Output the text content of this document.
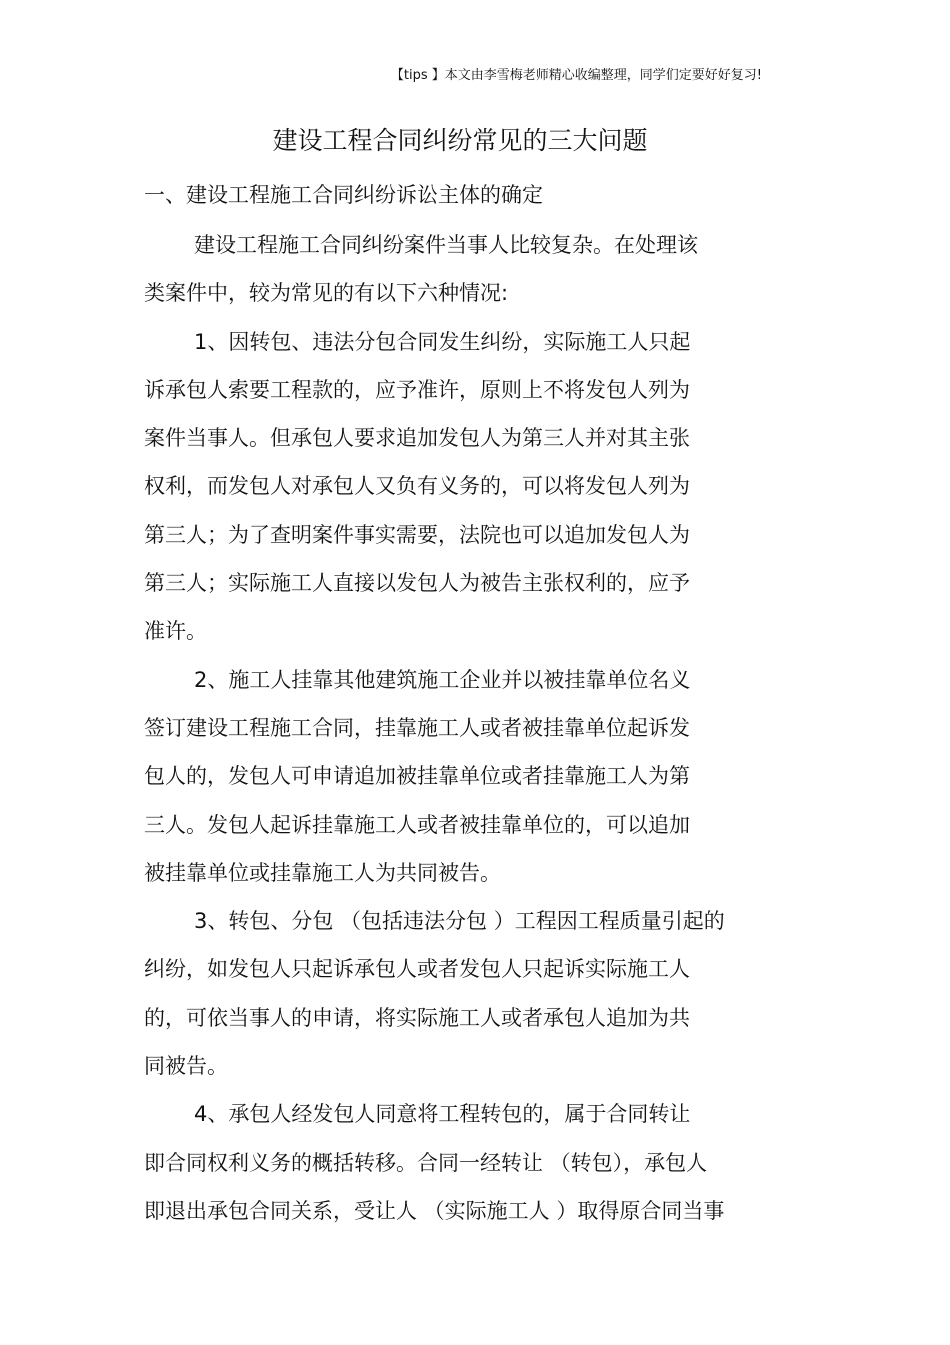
【tips 】本文由李雪梅老师精心收编整理，同学们定要好好复习!
建设工程合同纠纷常见的三大问题
一、建设工程施工合同纠纷诉讼主体的确定
建设工程施工合同纠纷案件当事人比较复杂。在处理该
类案件中，较为常见的有以下六种情况:
1、因转包、违法分包合同发生纠纷，实际施工人只起
诉承包人索要工程款的，应予准许，原则上不将发包人列为
案件当事人。但承包人要求追加发包人为第三人并对其主张
权利，而发包人对承包人又负有义务的，可以将发包人列为
第三人；为了查明案件事实需要，法院也可以追加发包人为
第三人；实际施工人直接以发包人为被告主张权利的，应予
准许。
2、施工人挂靠其他建筑施工企业并以被挂靠单位名义
签订建设工程施工合同，挂靠施工人或者被挂靠单位起诉发
包人的，发包人可申请追加被挂靠单位或者挂靠施工人为第
三人。发包人起诉挂靠施工人或者被挂靠单位的，可以追加
被挂靠单位或挂靠施工人为共同被告。
3、转包、分包 （包括违法分包 ）工程因工程质量引起的
纠纷，如发包人只起诉承包人或者发包人只起诉实际施工人
的，可依当事人的申请，将实际施工人或者承包人追加为共
同被告。
4、承包人经发包人同意将工程转包的，属于合同转让
即合同权利义务的概括转移。合同一经转让 （转包），承包人
即退出承包合同关系，受让人 （实际施工人 ）取得原合同当事
